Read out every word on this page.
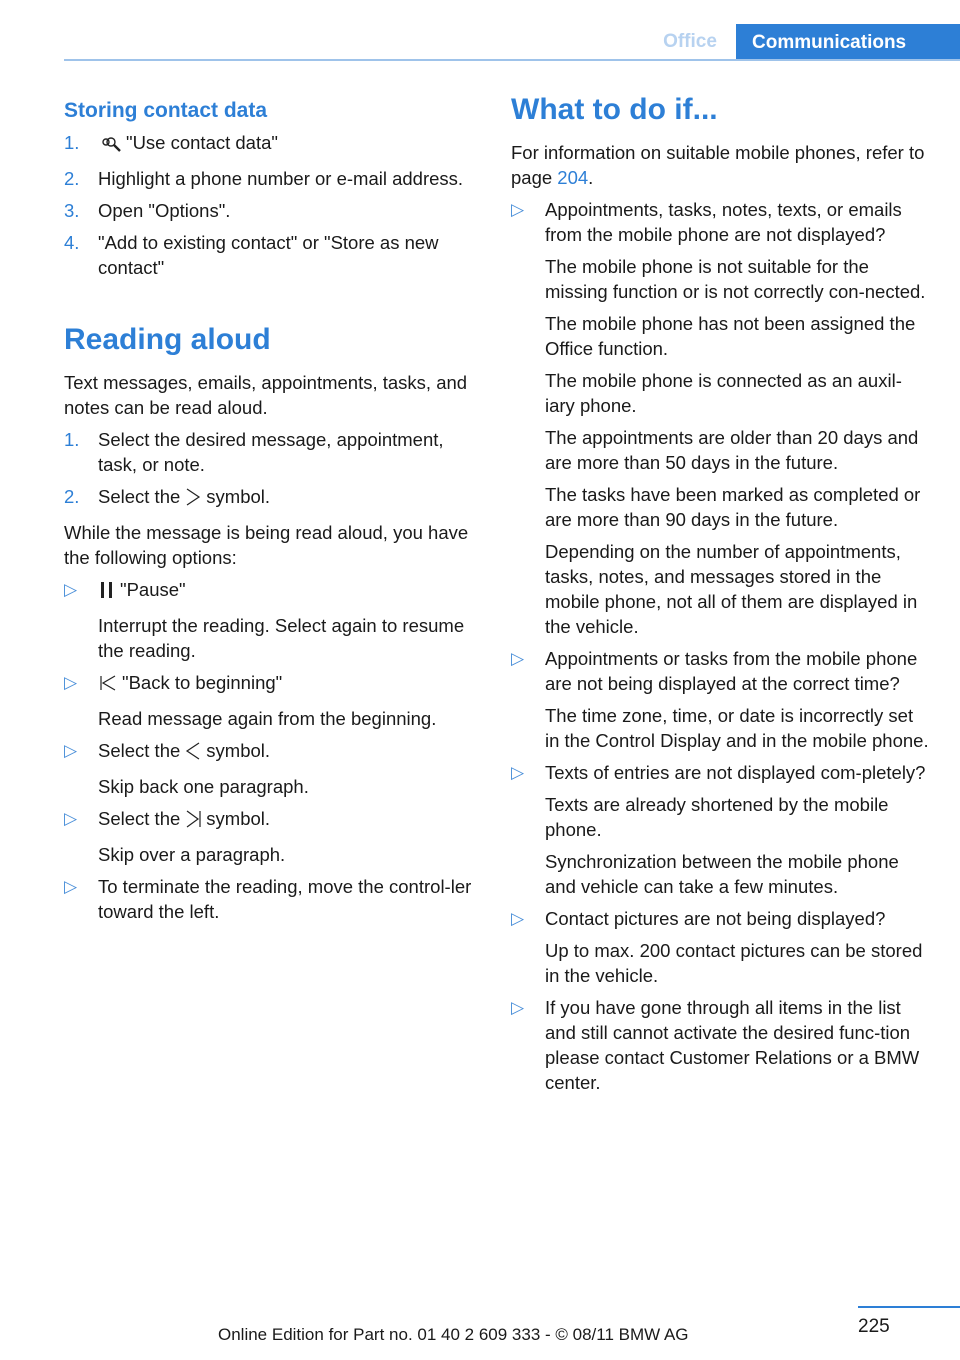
Office	Communications
Storing contact data
1.	"Use contact data"
2. Highlight a phone number or e-mail address.
3. Open "Options".
4. "Add to existing contact" or "Store as new contact"
Reading aloud

Text messages, emails, appointments, tasks, and notes can be read aloud.

1. Select the desired message, appointment, task, or note.
2. Select the symbol.

While the message is being read aloud, you have the following options:

▷ "Pause"
Interrupt the reading. Select again to resume the reading.
▷ "Back to beginning"
Read message again from the beginning.
▷ Select the symbol.
Skip back one paragraph.
▷ Select the symbol.
Skip over a paragraph.
▷ To terminate the reading, move the control-ler toward the left.
What to do if...

For information on suitable mobile phones, refer to page 204.

▷ Appointments, tasks, notes, texts, or emails from the mobile phone are not displayed?
The mobile phone is not suitable for the missing function or is not correctly con-nected.
The mobile phone has not been assigned the Office function.
The mobile phone is connected as an auxil-iary phone.
The appointments are older than 20 days and are more than 50 days in the future.
The tasks have been marked as completed or are more than 90 days in the future.
Depending on the number of appointments, tasks, notes, and messages stored in the mobile phone, not all of them are displayed in the vehicle.
▷ Appointments or tasks from the mobile phone are not being displayed at the correct time?
The time zone, time, or date is incorrectly set in the Control Display and in the mobile phone.
▷ Texts of entries are not displayed com-pletely?
Texts are already shortened by the mobile phone.
Synchronization between the mobile phone and vehicle can take a few minutes.
▷ Contact pictures are not being displayed?
Up to max. 200 contact pictures can be stored in the vehicle.
▷ If you have gone through all items in the list and still cannot activate the desired func-tion please contact Customer Relations or a BMW center.
225
Online Edition for Part no. 01 40 2 609 333 - © 08/11 BMW AG
